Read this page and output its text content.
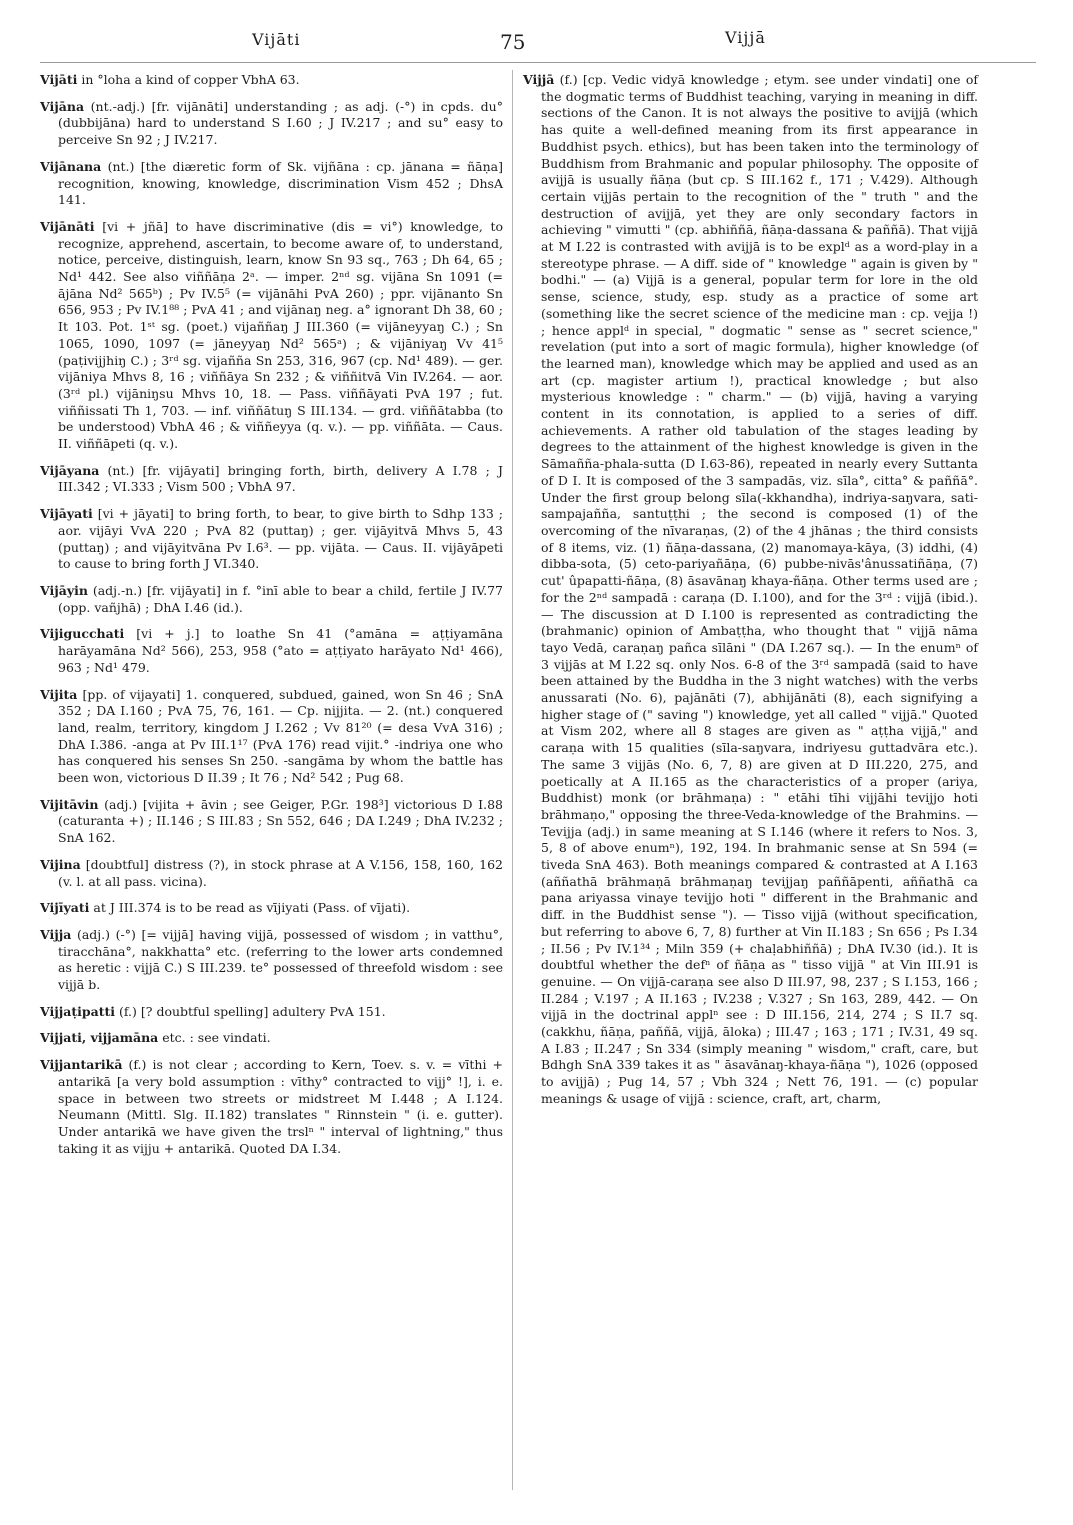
Vijāti	75	Vijjā

Vijāti in °loha a kind of copper VbhA 63.

Vijāna (nt.-adj.) [fr. vijānāti] understanding ; as adj. (-°) in cpds. du° (dubbijāna) hard to understand S I.60 ; J IV.217 ; and su° easy to perceive Sn 92 ; J IV.217.

Vijānana (nt.) [the diæretic form of Sk. vijñāna : cp. jānana = ñāṇa] recognition, knowing, knowledge, discrimination Vism 452 ; DhsA 141.

Vijānāti [vi + jñā] to have discriminative (dis = vi°) knowledge, to recognize, apprehend, ascertain, to become aware of, to understand, notice, perceive, distinguish, learn, know Sn 93 sq., 763 ; Dh 64, 65 ; Nd¹ 442. See also viññāṇa 2ᵃ. — imper. 2ⁿᵈ sg. vijāna Sn 1091 (= ājāna Nd² 565ᵇ) ; Pv IV.5⁵ (= vijānāhi PvA 260) ; ppr. vijānanto Sn 656, 953 ; Pv IV.1⁸⁸ ; PvA 41 ; and vijānaŋ neg. a° ignorant Dh 38, 60 ; It 103. Pot. 1ˢᵗ sg. (poet.) vijaññaŋ J III.360 (= vijāneyyaŋ C.) ; Sn 1065, 1090, 1097 (= jāneyyaŋ Nd² 565ᵃ) ; & vijāniyaŋ Vv 41⁵ (paṭivijjhiŋ C.) ; 3ʳᵈ sg. vijañña Sn 253, 316, 967 (cp. Nd¹ 489). — ger. vijāniya Mhvs 8, 16 ; viññāya Sn 232 ; & viññitvā Vin IV.264. — aor. (3ʳᵈ pl.) vijāniŋsu Mhvs 10, 18. — Pass. viññāyati PvA 197 ; fut. viññissati Th 1, 703. — inf. viññātuŋ S III.134. — grd. viññātabba (to be understood) VbhA 46 ; & viññeyya (q. v.). — pp. viññāta. — Caus. II. viññāpeti (q. v.).

Vijāyana (nt.) [fr. vijāyati] bringing forth, birth, delivery A I.78 ; J III.342 ; VI.333 ; Vism 500 ; VbhA 97.

Vijāyati [vi + jāyati] to bring forth, to bear, to give birth to Sdhp 133 ; aor. vijāyi VvA 220 ; PvA 82 (puttaŋ) ; ger. vijāyitvā Mhvs 5, 43 (puttaŋ) ; and vijāyitvāna Pv I.6³. — pp. vijāta. — Caus. II. vijāyāpeti to cause to bring forth J VI.340.

Vijāyin (adj.-n.) [fr. vijāyati] in f. °inī able to bear a child, fertile J IV.77 (opp. vañjhā) ; DhA I.46 (id.).

Vijigucchati [vi + j.] to loathe Sn 41 (°amāna = aṭṭiyamāna harāyamāna Nd² 566), 253, 958 (°ato = aṭṭiyato harāyato Nd¹ 466), 963 ; Nd¹ 479.

Vijita [pp. of vijayati] 1. conquered, subdued, gained, won Sn 46 ; SnA 352 ; DA I.160 ; PvA 75, 76, 161. — Cp. nijjita. — 2. (nt.) conquered land, realm, territory, kingdom J I.262 ; Vv 81²⁰ (= desa VvA 316) ; DhA I.386. -anga at Pv III.1¹⁷ (PvA 176) read vijit.° -indriya one who has conquered his senses Sn 250. -sangāma by whom the battle has been won, victorious D II.39 ; It 76 ; Nd² 542 ; Pug 68.

Vijitāvin (adj.) [vijita + āvin ; see Geiger, P.Gr. 198³] victorious D I.88 (caturanta +) ; II.146 ; S III.83 ; Sn 552, 646 ; DA I.249 ; DhA IV.232 ; SnA 162.

Vijina [doubtful] distress (?), in stock phrase at A V.156, 158, 160, 162 (v. l. at all pass. vicina).

Vijīyati at J III.374 is to be read as vījiyati (Pass. of vījati).

Vijja (adj.) (-°) [= vijjā] having vijjā, possessed of wisdom ; in vatthu°, tiracchāna°, nakkhatta° etc. (referring to the lower arts condemned as heretic : vijjā C.) S III.239. te° possessed of threefold wisdom : see vijjā b.

Vijjaṭipatti (f.) [? doubtful spelling] adultery PvA 151.

Vijjati, vijjamāna etc. : see vindati.

Vijjantarikā (f.) is not clear ; according to Kern, Toev. s. v. = vīthi + antarikā [a very bold assumption : vīthy° contracted to vijj° !], i. e. space in between two streets or midstreet M I.448 ; A I.124. Neumann (Mittl. Slg. II.182) translates " Rinnstein " (i. e. gutter). Under antarikā we have given the trslⁿ " interval of lightning," thus taking it as vijju + antarikā. Quoted DA I.34.

Vijjā (f.) [cp. Vedic vidyā knowledge ; etym. see under vindati] one of the dogmatic terms of Buddhist teaching, varying in meaning in diff. sections of the Canon. It is not always the positive to avijjā (which has quite a well-defined meaning from its first appearance in Buddhist psych. ethics), but has been taken into the terminology of Buddhism from Brahmanic and popular philosophy. The opposite of avijjā is usually ñāṇa (but cp. S III.162 f., 171 ; V.429). Although certain vijjās pertain to the recognition of the " truth " and the destruction of avijjā, yet they are only secondary factors in achieving " vimutti " (cp. abhiññā, ñāṇa-dassana & paññā). That vijjā at M I.22 is contrasted with avijjā is to be explᵈ as a word-play in a stereotype phrase. — A diff. side of " knowledge " again is given by " bodhi." — (a) Vijjā is a general, popular term for lore in the old sense, science, study, esp. study as a practice of some art (something like the secret science of the medicine man : cp. vejja !) ; hence applᵈ in special, " dogmatic " sense as " secret science," revelation (put into a sort of magic formula), higher knowledge (of the learned man), knowledge which may be applied and used as an art (cp. magister artium !), practical knowledge ; but also mysterious knowledge : " charm." — (b) vijjā, having a varying content in its connotation, is applied to a series of diff. achievements. A rather old tabulation of the stages leading by degrees to the attainment of the highest knowledge is given in the Sāmañña-phala-sutta (D I.63-86), repeated in nearly every Suttanta of D I. It is composed of the 3 sampadās, viz. sīla°, citta° & paññā°. Under the first group belong sīla(-kkhandha), indriya-saŋvara, sati-sampajañña, santuṭṭhi ; the second is composed (1) of the overcoming of the nīvaraṇas, (2) of the 4 jhānas ; the third consists of 8 items, viz. (1) ñāṇa-dassana, (2) manomaya-kāya, (3) iddhi, (4) dibba-sota, (5) ceto-pariyañāṇa, (6) pubbe-nivās'ânussatiñāṇa, (7) cut' ûpapatti-ñāṇa, (8) āsavānaŋ khaya-ñāṇa. Other terms used are ; for the 2ⁿᵈ sampadā : caraṇa (D. I.100), and for the 3ʳᵈ : vijjā (ibid.). — The discussion at D I.100 is represented as contradicting the (brahmanic) opinion of Ambaṭṭha, who thought that " vijjā nāma tayo Vedā, caraṇaŋ pañca sīlāni " (DA I.267 sq.). — In the enumⁿ of 3 vijjās at M I.22 sq. only Nos. 6-8 of the 3ʳᵈ sampadā (said to have been attained by the Buddha in the 3 night watches) with the verbs anussarati (No. 6), pajānāti (7), abhijānāti (8), each signifying a higher stage of (" saving ") knowledge, yet all called " vijjā." Quoted at Vism 202, where all 8 stages are given as " aṭṭha vijjā," and caraṇa with 15 qualities (sīla-saŋvara, indriyesu guttadvāra etc.). The same 3 vijjās (No. 6, 7, 8) are given at D III.220, 275, and poetically at A II.165 as the characteristics of a proper (ariya, Buddhist) monk (or brāhmaṇa) : " etāhi tīhi vijjāhi tevijjo hoti brāhmaṇo," opposing the three-Veda-knowledge of the Brahmins. — Tevijja (adj.) in same meaning at S I.146 (where it refers to Nos. 3, 5, 8 of above enumⁿ), 192, 194. In brahmanic sense at Sn 594 (= tiveda SnA 463). Both meanings compared & contrasted at A I.163 (aññathā brāhmaṇā brāhmaṇaŋ tevijjaŋ paññāpenti, aññathā ca pana ariyassa vinaye tevijjo hoti " different in the Brahmanic and diff. in the Buddhist sense "). — Tisso vijjā (without specification, but referring to above 6, 7, 8) further at Vin II.183 ; Sn 656 ; Ps I.34 ; II.56 ; Pv IV.1³⁴ ; Miln 359 (+ chaḷabhiññā) ; DhA IV.30 (id.). It is doubtful whether the defⁿ of ñāṇa as " tisso vijjā " at Vin III.91 is genuine. — On vijjā-caraṇa see also D III.97, 98, 237 ; S I.153, 166 ; II.284 ; V.197 ; A II.163 ; IV.238 ; V.327 ; Sn 163, 289, 442. — On vijjā in the doctrinal applⁿ see : D III.156, 214, 274 ; S II.7 sq. (cakkhu, ñāṇa, paññā, vijjā, āloka) ; III.47 ; 163 ; 171 ; IV.31, 49 sq. A I.83 ; II.247 ; Sn 334 (simply meaning " wisdom," craft, care, but Bdhgh SnA 339 takes it as " āsavānaŋ-khaya-ñāṇa "), 1026 (opposed to avijjā) ; Pug 14, 57 ; Vbh 324 ; Nett 76, 191. — (c) popular meanings & usage of vijjā : science, craft, art, charm,
